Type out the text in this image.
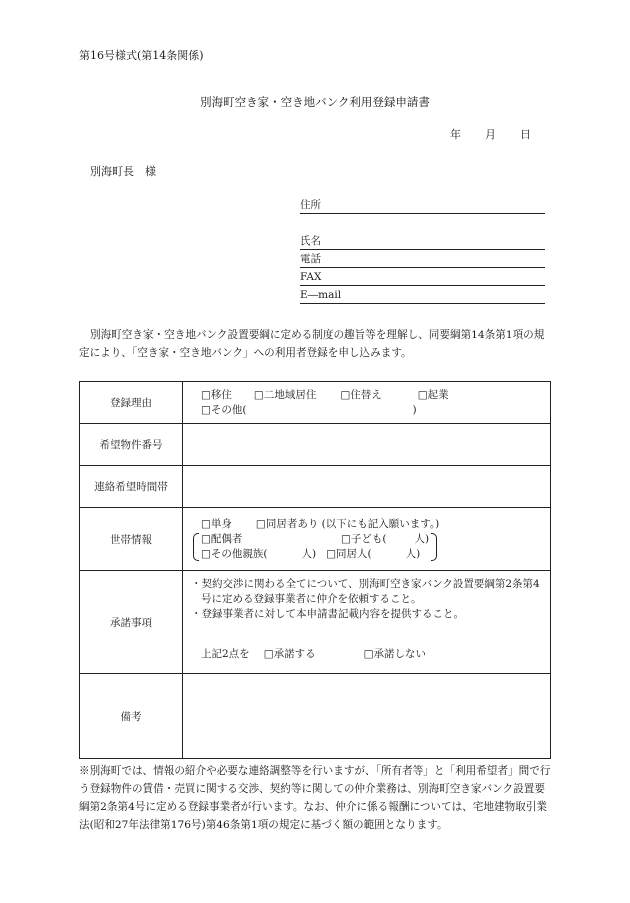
第16号様式(第14条関係)
別海町空き家・空き地バンク利用登録申請書
年 月 日
別海町長　様
住所
氏名
電話
FAX
E―mail
別海町空き家・空き地バンク設置要綱に定める制度の趣旨等を理解し、同要綱第14条第1項の規定により、「空き家・空き地バンク」への利用者登録を申し込みます。
登録理由	□移住 □二地域居住 □住替え □起業
□その他( )

希望物件番号	
連絡希望時間帯	
世帯情報	□単身 □同居者あり (以下にも記入願います。)
□配偶者 □子ども( 人)
□その他親族( 人) □同居人( 人)

承諾事項	・契約交渉に関わる全てについて、別海町空き家バンク設置要綱第2条第4号に定める登録事業者に仲介を依頼すること。
・登録事業者に対して本申請書記載内容を提供すること。
上記2点を □承諾する □承諾しない

備考	
※別海町では、情報の紹介や必要な連絡調整等を行いますが、「所有者等」と「利用希望者」間で行う登録物件の賃借・売買に関する交渉、契約等に関しての仲介業務は、別海町空き家バンク設置要綱第2条第4号に定める登録事業者が行います。なお、仲介に係る報酬については、宅地建物取引業法(昭和27年法律第176号)第46条第1項の規定に基づく額の範囲となります。
